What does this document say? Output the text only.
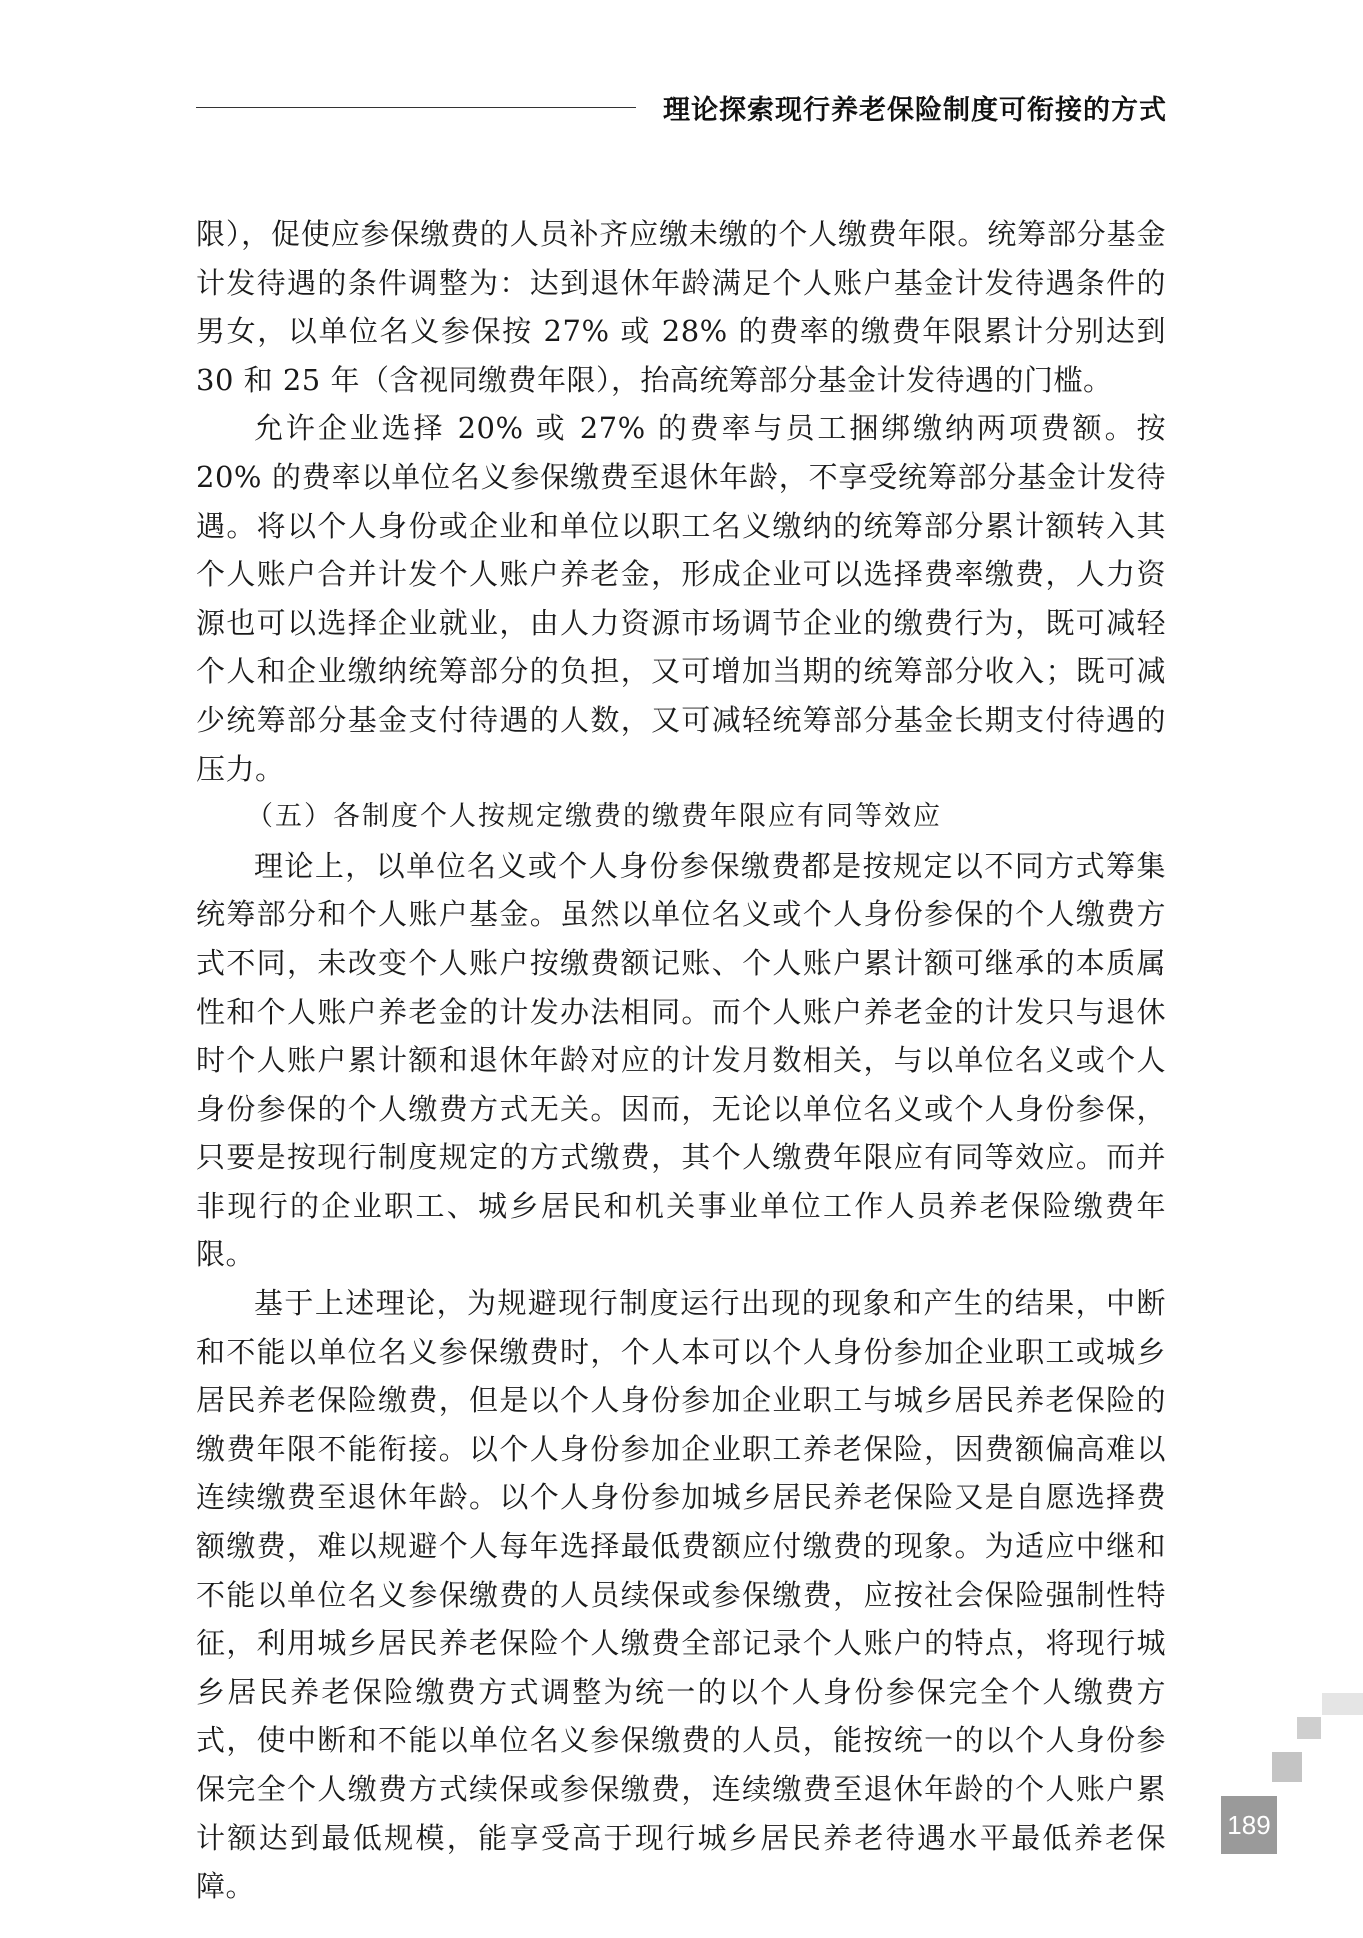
理论探索现行养老保险制度可衔接的方式

限），促使应参保缴费的人员补齐应缴未缴的个人缴费年限。统筹部分基金计发待遇的条件调整为：达到退休年龄满足个人账户基金计发待遇条件的男女，以单位名义参保按 27% 或 28% 的费率的缴费年限累计分别达到 30 和 25 年（含视同缴费年限），抬高统筹部分基金计发待遇的门槛。

允许企业选择 20% 或 27% 的费率与员工捆绑缴纳两项费额。按 20% 的费率以单位名义参保缴费至退休年龄，不享受统筹部分基金计发待遇。将以个人身份或企业和单位以职工名义缴纳的统筹部分累计额转入其个人账户合并计发个人账户养老金，形成企业可以选择费率缴费，人力资源也可以选择企业就业，由人力资源市场调节企业的缴费行为，既可减轻个人和企业缴纳统筹部分的负担，又可增加当期的统筹部分收入；既可减少统筹部分基金支付待遇的人数，又可减轻统筹部分基金长期支付待遇的压力。

（五）各制度个人按规定缴费的缴费年限应有同等效应

理论上，以单位名义或个人身份参保缴费都是按规定以不同方式筹集统筹部分和个人账户基金。虽然以单位名义或个人身份参保的个人缴费方式不同，未改变个人账户按缴费额记账、个人账户累计额可继承的本质属性和个人账户养老金的计发办法相同。而个人账户养老金的计发只与退休时个人账户累计额和退休年龄对应的计发月数相关，与以单位名义或个人身份参保的个人缴费方式无关。因而，无论以单位名义或个人身份参保，只要是按现行制度规定的方式缴费，其个人缴费年限应有同等效应。而并非现行的企业职工、城乡居民和机关事业单位工作人员养老保险缴费年限。

基于上述理论，为规避现行制度运行出现的现象和产生的结果，中断和不能以单位名义参保缴费时，个人本可以个人身份参加企业职工或城乡居民养老保险缴费，但是以个人身份参加企业职工与城乡居民养老保险的缴费年限不能衔接。以个人身份参加企业职工养老保险，因费额偏高难以连续缴费至退休年龄。以个人身份参加城乡居民养老保险又是自愿选择费额缴费，难以规避个人每年选择最低费额应付缴费的现象。为适应中继和不能以单位名义参保缴费的人员续保或参保缴费，应按社会保险强制性特征，利用城乡居民养老保险个人缴费全部记录个人账户的特点，将现行城乡居民养老保险缴费方式调整为统一的以个人身份参保完全个人缴费方式，使中断和不能以单位名义参保缴费的人员，能按统一的以个人身份参保完全个人缴费方式续保或参保缴费，连续缴费至退休年龄的个人账户累计额达到最低规模，能享受高于现行城乡居民养老待遇水平最低养老保障。

189
